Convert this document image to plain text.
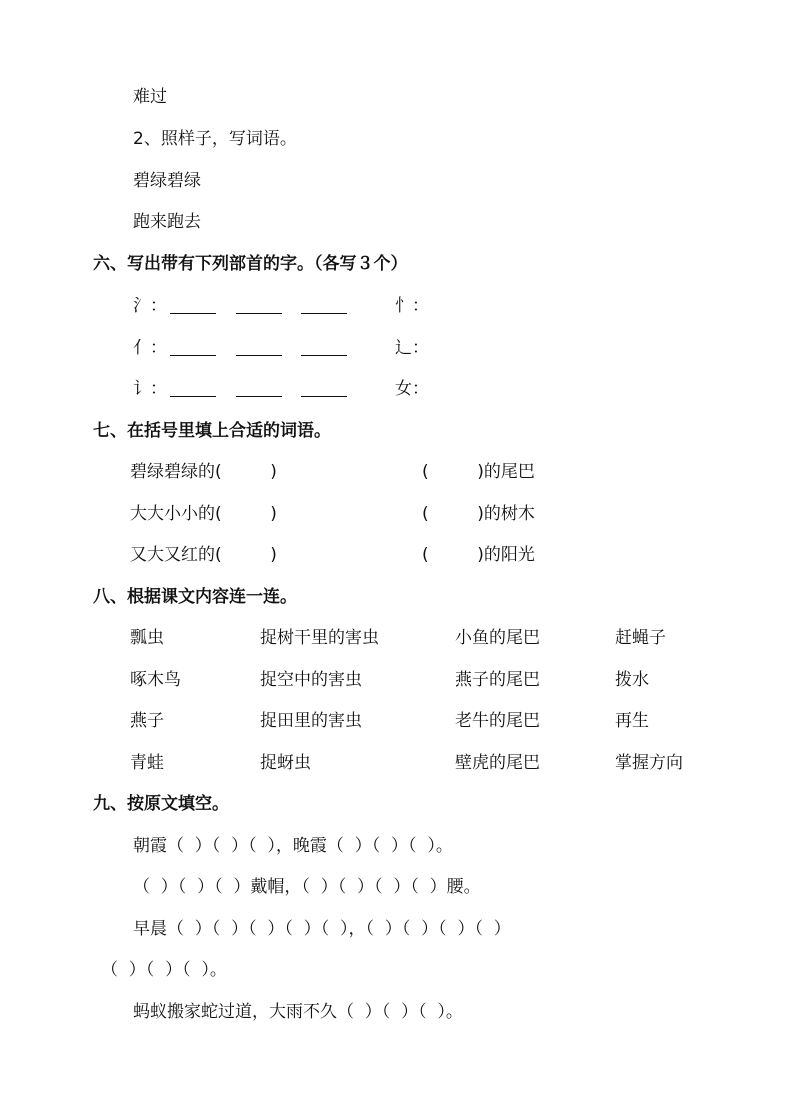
难过
2、照样子，写词语。
碧绿碧绿
跑来跑去
六、写出带有下列部首的字。（各写３个）
氵：	忄：
亻：	辶：
讠：	女：
七、在括号里填上合适的词语。
碧绿碧绿的(         )	(         )的尾巴
大大小小的(         )	(         )的树木
又大又红的(         )	(         )的阳光
八、根据课文内容连一连。
瓢虫	捉树干里的害虫	小鱼的尾巴	赶蝇子
啄木鸟	捉空中的害虫	燕子的尾巴	拨水
燕子	捉田里的害虫	老牛的尾巴	再生
青蛙	捉蚜虫	壁虎的尾巴	掌握方向
九、按原文填空。
朝霞（  ）（  ）（  ），晚霞（  ）（  ）（  ）。
（  ）（  ）（  ）戴帽，（  ）（  ）（  ）（  ）腰。
早晨（  ）（  ）（  ）（  ）（  ），（  ）（  ）（  ）（  ）
（  ）（  ）（  ）。
蚂蚁搬家蛇过道，大雨不久（  ）（  ）（  ）。
